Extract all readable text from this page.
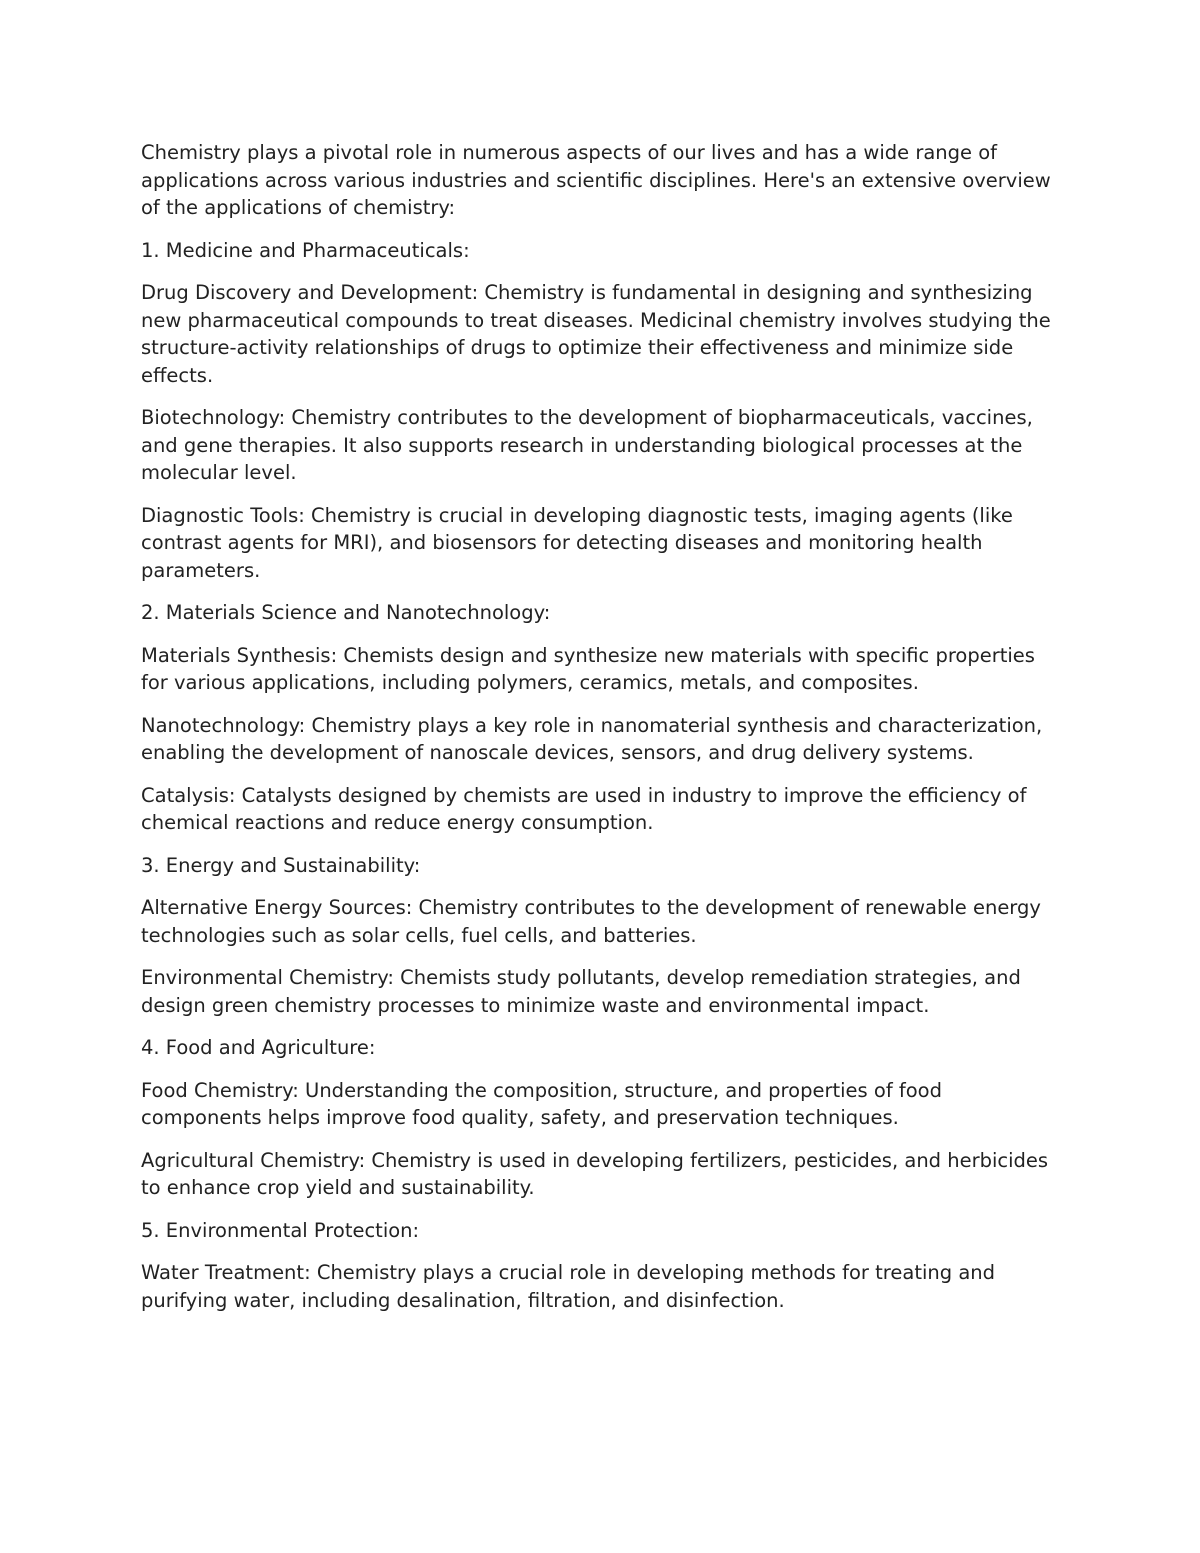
Chemistry plays a pivotal role in numerous aspects of our lives and has a wide range of applications across various industries and scientific disciplines. Here's an extensive overview of the applications of chemistry:

1. Medicine and Pharmaceuticals:

Drug Discovery and Development: Chemistry is fundamental in designing and synthesizing new pharmaceutical compounds to treat diseases. Medicinal chemistry involves studying the structure-activity relationships of drugs to optimize their effectiveness and minimize side effects.

Biotechnology: Chemistry contributes to the development of biopharmaceuticals, vaccines, and gene therapies. It also supports research in understanding biological processes at the molecular level.

Diagnostic Tools: Chemistry is crucial in developing diagnostic tests, imaging agents (like contrast agents for MRI), and biosensors for detecting diseases and monitoring health parameters.

2. Materials Science and Nanotechnology:

Materials Synthesis: Chemists design and synthesize new materials with specific properties for various applications, including polymers, ceramics, metals, and composites.

Nanotechnology: Chemistry plays a key role in nanomaterial synthesis and characterization, enabling the development of nanoscale devices, sensors, and drug delivery systems.

Catalysis: Catalysts designed by chemists are used in industry to improve the efficiency of chemical reactions and reduce energy consumption.

3. Energy and Sustainability:

Alternative Energy Sources: Chemistry contributes to the development of renewable energy technologies such as solar cells, fuel cells, and batteries.

Environmental Chemistry: Chemists study pollutants, develop remediation strategies, and design green chemistry processes to minimize waste and environmental impact.

4. Food and Agriculture:

Food Chemistry: Understanding the composition, structure, and properties of food components helps improve food quality, safety, and preservation techniques.

Agricultural Chemistry: Chemistry is used in developing fertilizers, pesticides, and herbicides to enhance crop yield and sustainability.

5. Environmental Protection:

Water Treatment: Chemistry plays a crucial role in developing methods for treating and purifying water, including desalination, filtration, and disinfection.
